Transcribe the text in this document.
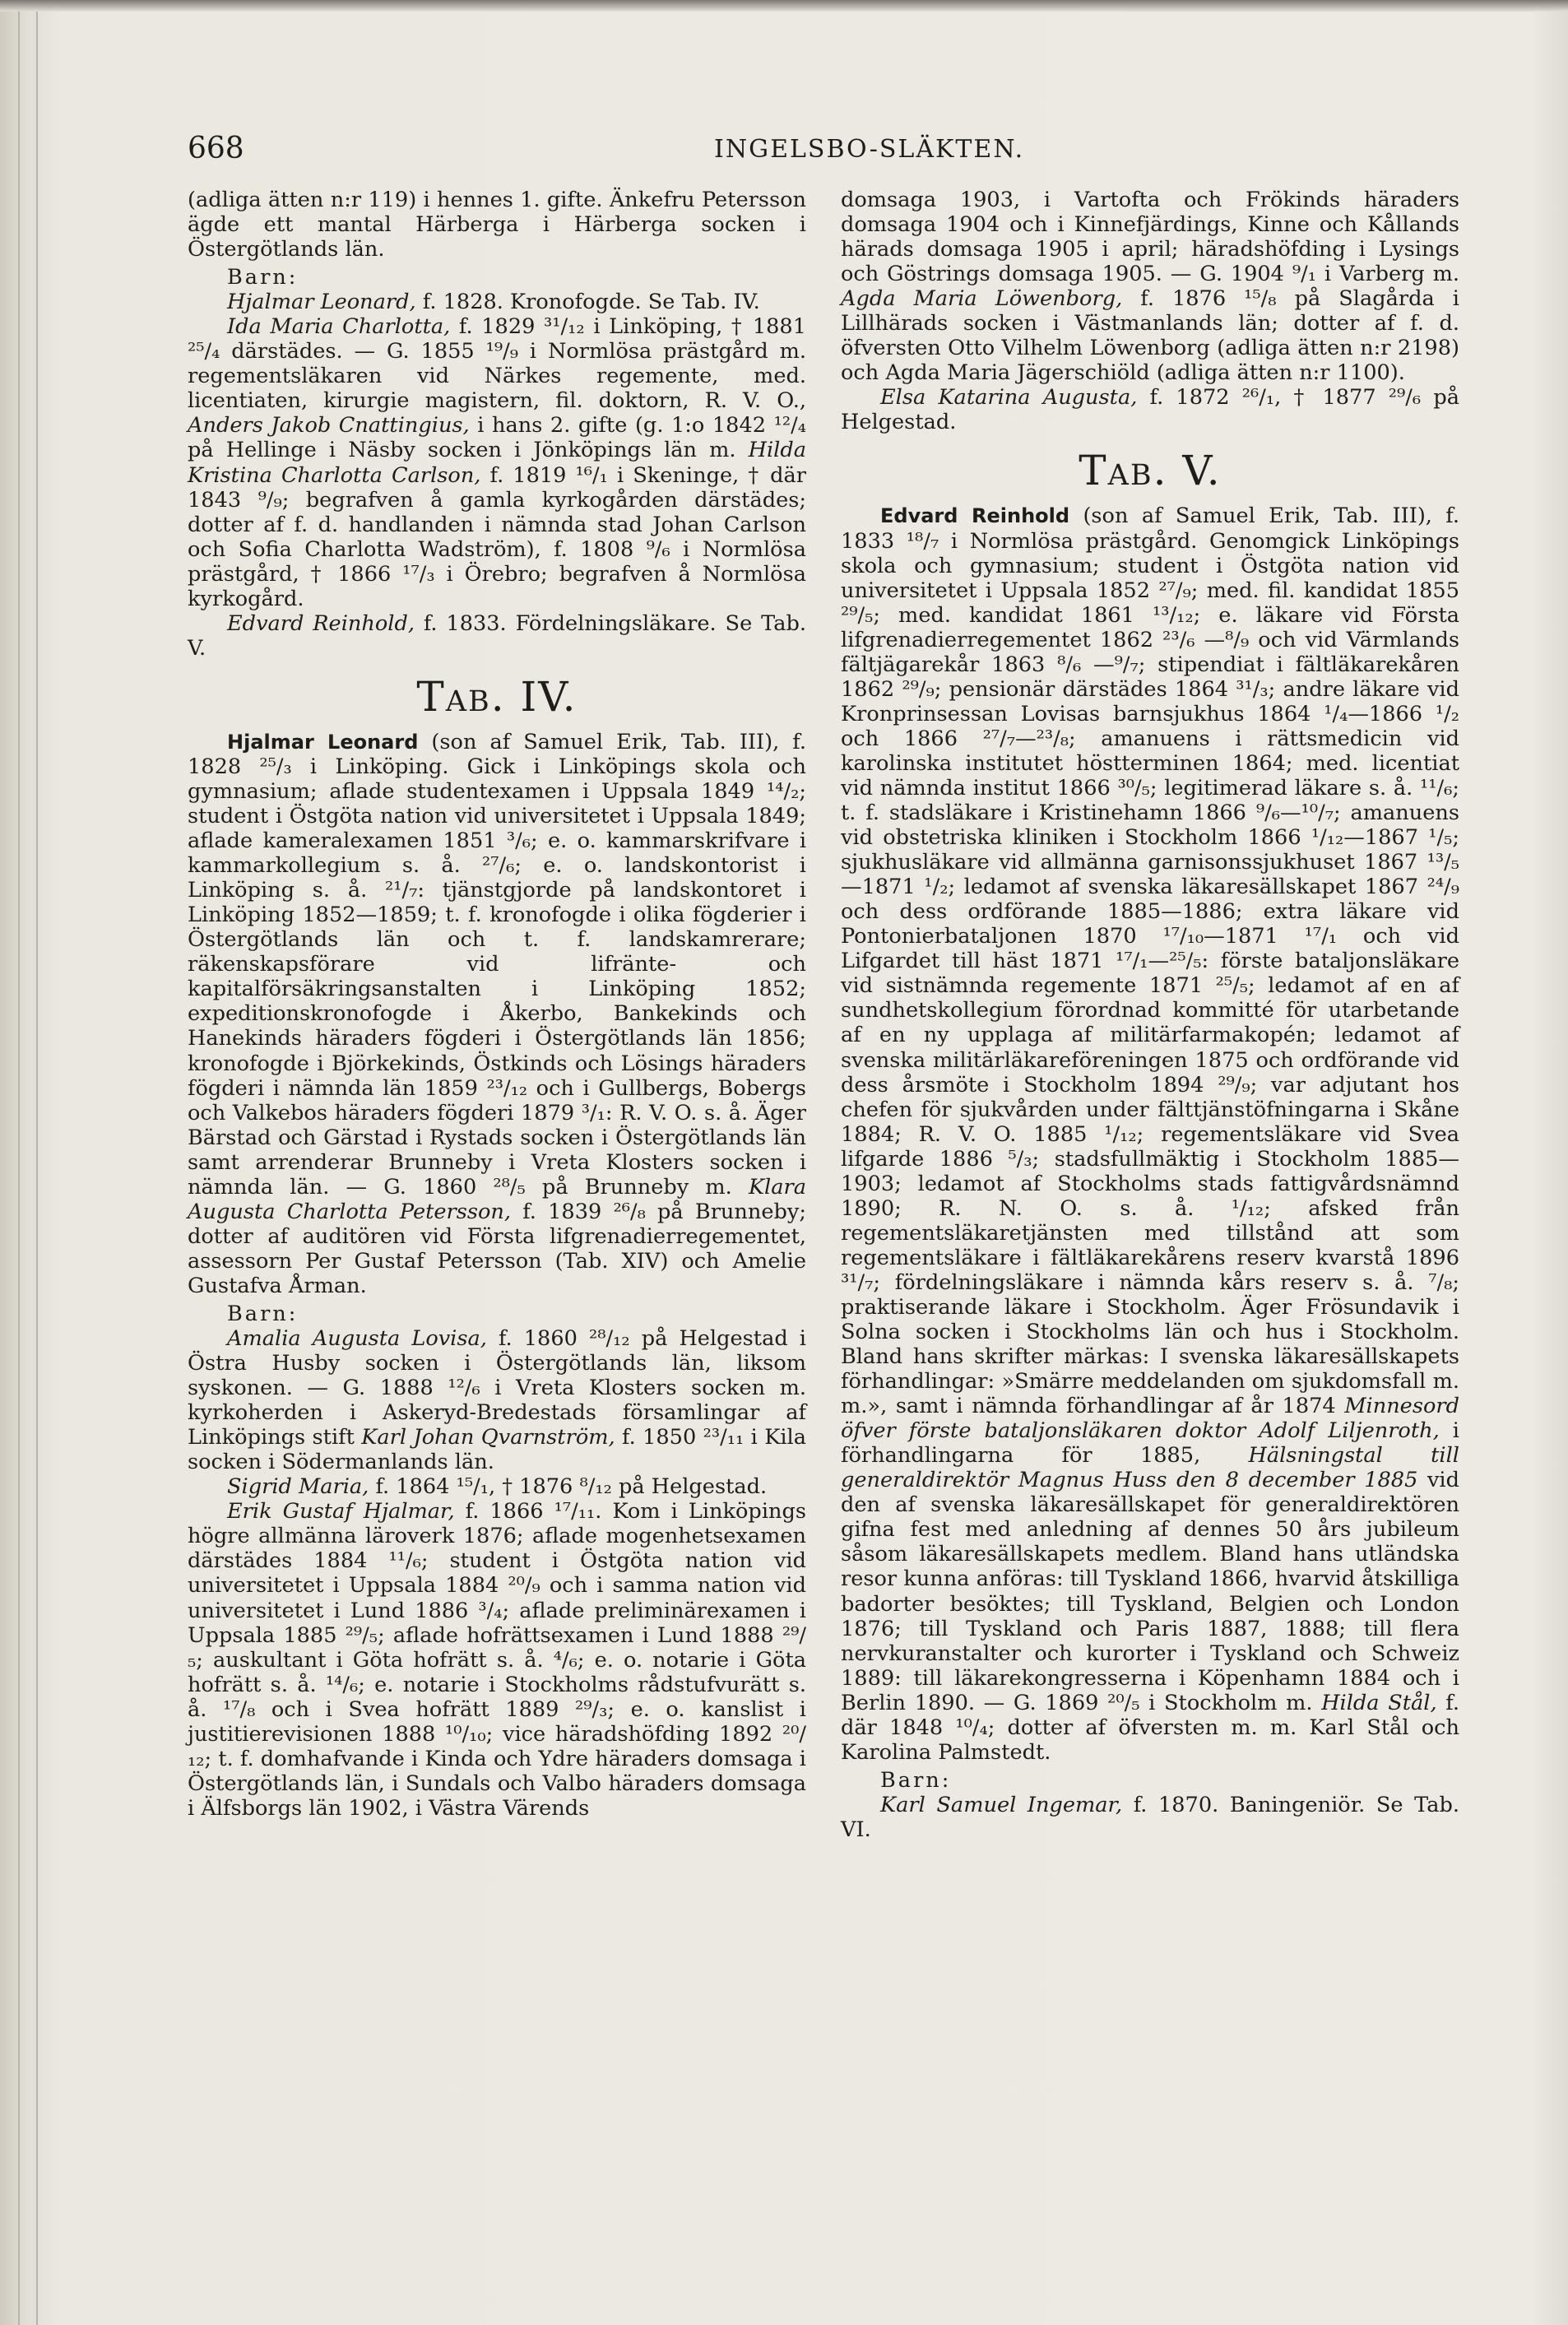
668	INGELSBO-SLÄKTEN.

(adliga ätten n:r 119) i hennes 1. gifte. Änkefru Petersson ägde ett mantal Härberga i Härberga socken i Östergötlands län.

Barn:

Hjalmar Leonard, f. 1828. Kronofogde. Se Tab. IV.

Ida Maria Charlotta, f. 1829 ³¹/₁₂ i Linköping, † 1881 ²⁵/₄ därstädes. — G. 1855 ¹⁹/₉ i Normlösa prästgård m. regementsläkaren vid Närkes regemente, med. licentiaten, kirurgie magistern, fil. doktorn, R. V. O., Anders Jakob Cnattingius, i hans 2. gifte (g. 1:o 1842 ¹²/₄ på Hellinge i Näsby socken i Jönköpings län m. Hilda Kristina Charlotta Carlson, f. 1819 ¹⁶/₁ i Skeninge, † där 1843 ⁹/₉; begrafven å gamla kyrkogården därstädes; dotter af f. d. handlanden i nämnda stad Johan Carlson och Sofia Charlotta Wadström), f. 1808 ⁹/₆ i Normlösa prästgård, † 1866 ¹⁷/₃ i Örebro; begrafven å Normlösa kyrkogård.

Edvard Reinhold, f. 1833. Fördelningsläkare. Se Tab. V.

Tab. IV.

Hjalmar Leonard (son af Samuel Erik, Tab. III), f. 1828 ²⁵/₃ i Linköping. Gick i Linköpings skola och gymnasium; aflade studentexamen i Uppsala 1849 ¹⁴/₂; student i Östgöta nation vid universitetet i Uppsala 1849; aflade kameralexamen 1851 ³/₆; e. o. kammarskrifvare i kammarkollegium s. å. ²⁷/₆; e. o. landskontorist i Linköping s. å. ²¹/₇: tjänstgjorde på landskontoret i Linköping 1852—1859; t. f. kronofogde i olika fögderier i Östergötlands län och t. f. landskamrerare; räkenskapsförare vid lifränte- och kapitalförsäkringsanstalten i Linköping 1852; expeditionskronofogde i Åkerbo, Bankekinds och Hanekinds häraders fögderi i Östergötlands län 1856; kronofogde i Björkekinds, Östkinds och Lösings häraders fögderi i nämnda län 1859 ²³/₁₂ och i Gullbergs, Bobergs och Valkebos häraders fögderi 1879 ³/₁: R. V. O. s. å. Äger Bärstad och Gärstad i Rystads socken i Östergötlands län samt arrenderar Brunneby i Vreta Klosters socken i nämnda län. — G. 1860 ²⁸/₅ på Brunneby m. Klara Augusta Charlotta Petersson, f. 1839 ²⁶/₈ på Brunneby; dotter af auditören vid Första lifgrenadierregementet, assessorn Per Gustaf Petersson (Tab. XIV) och Amelie Gustafva Årman.

Barn:

Amalia Augusta Lovisa, f. 1860 ²⁸/₁₂ på Helgestad i Östra Husby socken i Östergötlands län, liksom syskonen. — G. 1888 ¹²/₆ i Vreta Klosters socken m. kyrkoherden i Askeryd-Bredestads församlingar af Linköpings stift Karl Johan Qvarnström, f. 1850 ²³/₁₁ i Kila socken i Södermanlands län.

Sigrid Maria, f. 1864 ¹⁵/₁, † 1876 ⁸/₁₂ på Helgestad.

Erik Gustaf Hjalmar, f. 1866 ¹⁷/₁₁. Kom i Linköpings högre allmänna läroverk 1876; aflade mogenhetsexamen därstädes 1884 ¹¹/₆; student i Östgöta nation vid universitetet i Uppsala 1884 ²⁰/₉ och i samma nation vid universitetet i Lund 1886 ³/₄; aflade preliminärexamen i Uppsala 1885 ²⁹/₅; aflade hofrättsexamen i Lund 1888 ²⁹/₅; auskultant i Göta hofrätt s. å. ⁴/₆; e. o. notarie i Göta hofrätt s. å. ¹⁴/₆; e. notarie i Stockholms rådstufvurätt s. å. ¹⁷/₈ och i Svea hofrätt 1889 ²⁹/₃; e. o. kanslist i justitierevisionen 1888 ¹⁰/₁₀; vice häradshöfding 1892 ²⁰/₁₂; t. f. domhafvande i Kinda och Ydre häraders domsaga i Östergötlands län, i Sundals och Valbo häraders domsaga i Älfsborgs län 1902, i Västra Värends

domsaga 1903, i Vartofta och Frökinds häraders domsaga 1904 och i Kinnefjärdings, Kinne och Kållands härads domsaga 1905 i april; häradshöfding i Lysings och Göstrings domsaga 1905. — G. 1904 ⁹/₁ i Varberg m. Agda Maria Löwenborg, f. 1876 ¹⁵/₈ på Slagårda i Lillhärads socken i Västmanlands län; dotter af f. d. öfversten Otto Vilhelm Löwenborg (adliga ätten n:r 2198) och Agda Maria Jägerschiöld (adliga ätten n:r 1100).

Elsa Katarina Augusta, f. 1872 ²⁶/₁, † 1877 ²⁹/₆ på Helgestad.

Tab. V.

Edvard Reinhold (son af Samuel Erik, Tab. III), f. 1833 ¹⁸/₇ i Normlösa prästgård. Genomgick Linköpings skola och gymnasium; student i Östgöta nation vid universitetet i Uppsala 1852 ²⁷/₉; med. fil. kandidat 1855 ²⁹/₅; med. kandidat 1861 ¹³/₁₂; e. läkare vid Första lifgrenadierregementet 1862 ²³/₆ —⁸/₉ och vid Värmlands fältjägarekår 1863 ⁸/₆ —⁹/₇; stipendiat i fältläkarekåren 1862 ²⁹/₉; pensionär därstädes 1864 ³¹/₃; andre läkare vid Kronprinsessan Lovisas barnsjukhus 1864 ¹/₄—1866 ¹/₂ och 1866 ²⁷/₇—²³/₈; amanuens i rättsmedicin vid karolinska institutet höstterminen 1864; med. licentiat vid nämnda institut 1866 ³⁰/₅; legitimerad läkare s. å. ¹¹/₆; t. f. stadsläkare i Kristinehamn 1866 ⁹/₆—¹⁰/₇; amanuens vid obstetriska kliniken i Stockholm 1866 ¹/₁₂—1867 ¹/₅; sjukhusläkare vid allmänna garnisonssjukhuset 1867 ¹³/₅—1871 ¹/₂; ledamot af svenska läkaresällskapet 1867 ²⁴/₉ och dess ordförande 1885—1886; extra läkare vid Pontonierbataljonen 1870 ¹⁷/₁₀—1871 ¹⁷/₁ och vid Lifgardet till häst 1871 ¹⁷/₁—²⁵/₅: förste bataljonsläkare vid sistnämnda regemente 1871 ²⁵/₅; ledamot af en af sundhetskollegium förordnad kommitté för utarbetande af en ny upplaga af militärfarmakopén; ledamot af svenska militärläkareföreningen 1875 och ordförande vid dess årsmöte i Stockholm 1894 ²⁹/₉; var adjutant hos chefen för sjukvården under fälttjänstöfningarna i Skåne 1884; R. V. O. 1885 ¹/₁₂; regementsläkare vid Svea lifgarde 1886 ⁵/₃; stadsfullmäktig i Stockholm 1885—1903; ledamot af Stockholms stads fattigvårdsnämnd 1890; R. N. O. s. å. ¹/₁₂; afsked från regementsläkaretjänsten med tillstånd att som regementsläkare i fältläkarekårens reserv kvarstå 1896 ³¹/₇; fördelningsläkare i nämnda kårs reserv s. å. ⁷/₈; praktiserande läkare i Stockholm. Äger Frösundavik i Solna socken i Stockholms län och hus i Stockholm. Bland hans skrifter märkas: I svenska läkaresällskapets förhandlingar: »Smärre meddelanden om sjukdomsfall m. m.», samt i nämnda förhandlingar af år 1874 Minnesord öfver förste bataljonsläkaren doktor Adolf Liljenroth, i förhandlingarna för 1885, Hälsningstal till generaldirektör Magnus Huss den 8 december 1885 vid den af svenska läkaresällskapet för generaldirektören gifna fest med anledning af dennes 50 års jubileum såsom läkaresällskapets medlem. Bland hans utländska resor kunna anföras: till Tyskland 1866, hvarvid åtskilliga badorter besöktes; till Tyskland, Belgien och London 1876; till Tyskland och Paris 1887, 1888; till flera nervkuranstalter och kurorter i Tyskland och Schweiz 1889: till läkarekongresserna i Köpenhamn 1884 och i Berlin 1890. — G. 1869 ²⁰/₅ i Stockholm m. Hilda Stål, f. där 1848 ¹⁰/₄; dotter af öfversten m. m. Karl Stål och Karolina Palmstedt.

Barn:

Karl Samuel Ingemar, f. 1870. Baningeniör. Se Tab. VI.
